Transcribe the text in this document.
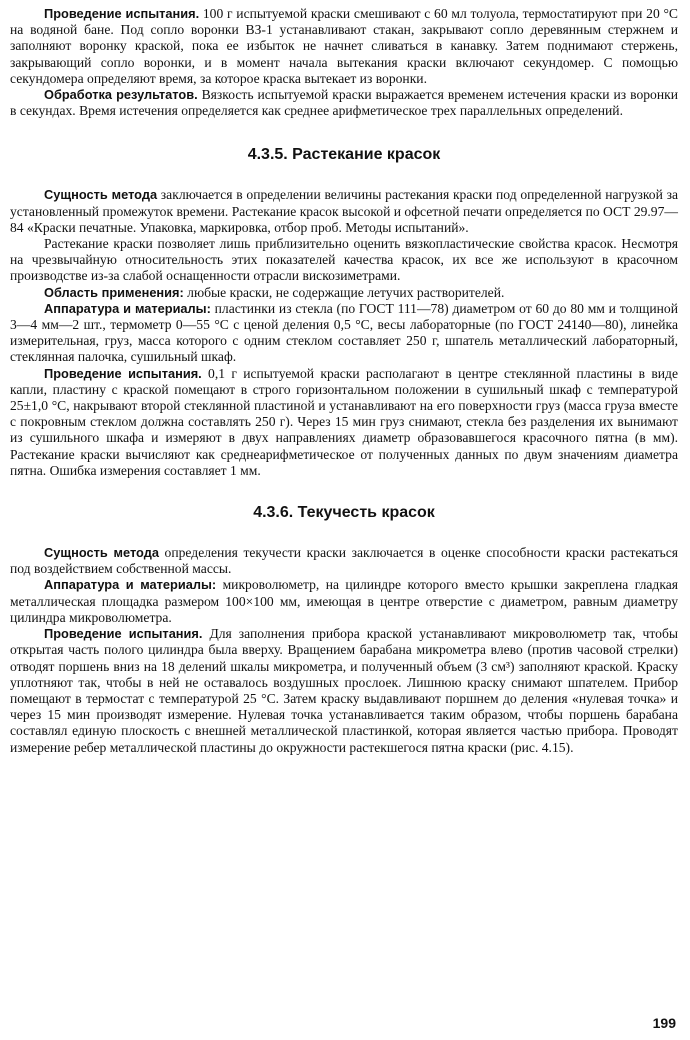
Проведение испытания. 100 г испытуемой краски смешивают с 60 мл толуола, термостатируют при 20 °С на водяной бане. Под сопло воронки ВЗ-1 устанавливают стакан, закрывают сопло деревянным стержнем и заполняют воронку краской, пока ее избыток не начнет сливаться в канавку. Затем поднимают стержень, закрывающий сопло воронки, и в момент начала вытекания краски включают секундомер. С помощью секундомера определяют время, за которое краска вытекает из воронки.

Обработка результатов. Вязкость испытуемой краски выражается временем истечения краски из воронки в секундах. Время истечения определяется как среднее арифметическое трех параллельных определений.

4.3.5. Растекание красок

Сущность метода заключается в определении величины растекания краски под определенной нагрузкой за установленный промежуток времени. Растекание красок высокой и офсетной печати определяется по ОСТ 29.97—84 «Краски печатные. Упаковка, маркировка, отбор проб. Методы испытаний».

Растекание краски позволяет лишь приблизительно оценить вязкопластические свойства красок. Несмотря на чрезвычайную относительность этих показателей качества красок, их все же используют в красочном производстве из-за слабой оснащенности отрасли вискозиметрами.

Область применения: любые краски, не содержащие летучих растворителей.

Аппаратура и материалы: пластинки из стекла (по ГОСТ 111—78) диаметром от 60 до 80 мм и толщиной 3—4 мм—2 шт., термометр 0—55 °С с ценой деления 0,5 °С, весы лабораторные (по ГОСТ 24140—80), линейка измерительная, груз, масса которого с одним стеклом составляет 250 г, шпатель металлический лабораторный, стеклянная палочка, сушильный шкаф.

Проведение испытания. 0,1 г испытуемой краски располагают в центре стеклянной пластины в виде капли, пластину с краской помещают в строго горизонтальном положении в сушильный шкаф с температурой 25±1,0 °С, накрывают второй стеклянной пластиной и устанавливают на его поверхности груз (масса груза вместе с покровным стеклом должна составлять 250 г). Через 15 мин груз снимают, стекла без разделения их вынимают из сушильного шкафа и измеряют в двух направлениях диаметр образовавшегося красочного пятна (в мм). Растекание краски вычисляют как среднеарифметическое от полученных данных по двум значениям диаметра пятна. Ошибка измерения составляет 1 мм.

4.3.6. Текучесть красок

Сущность метода определения текучести краски заключается в оценке способности краски растекаться под воздействием собственной массы.

Аппаратура и материалы: микроволюметр, на цилиндре которого вместо крышки закреплена гладкая металлическая площадка размером 100×100 мм, имеющая в центре отверстие с диаметром, равным диаметру цилиндра микроволюметра.

Проведение испытания. Для заполнения прибора краской устанавливают микроволюметр так, чтобы открытая часть полого цилиндра была вверху. Вращением барабана микрометра влево (против часовой стрелки) отводят поршень вниз на 18 делений шкалы микрометра, и полученный объем (3 см³) заполняют краской. Краску уплотняют так, чтобы в ней не оставалось воздушных прослоек. Лишнюю краску снимают шпателем. Прибор помещают в термостат с температурой 25 °С. Затем краску выдавливают поршнем до деления «нулевая точка» и через 15 мин производят измерение. Нулевая точка устанавливается таким образом, чтобы поршень барабана составлял единую плоскость с внешней металлической пластинкой, которая является частью прибора. Проводят измерение ребер металлической пластины до окружности растекшегося пятна краски (рис. 4.15).

199
